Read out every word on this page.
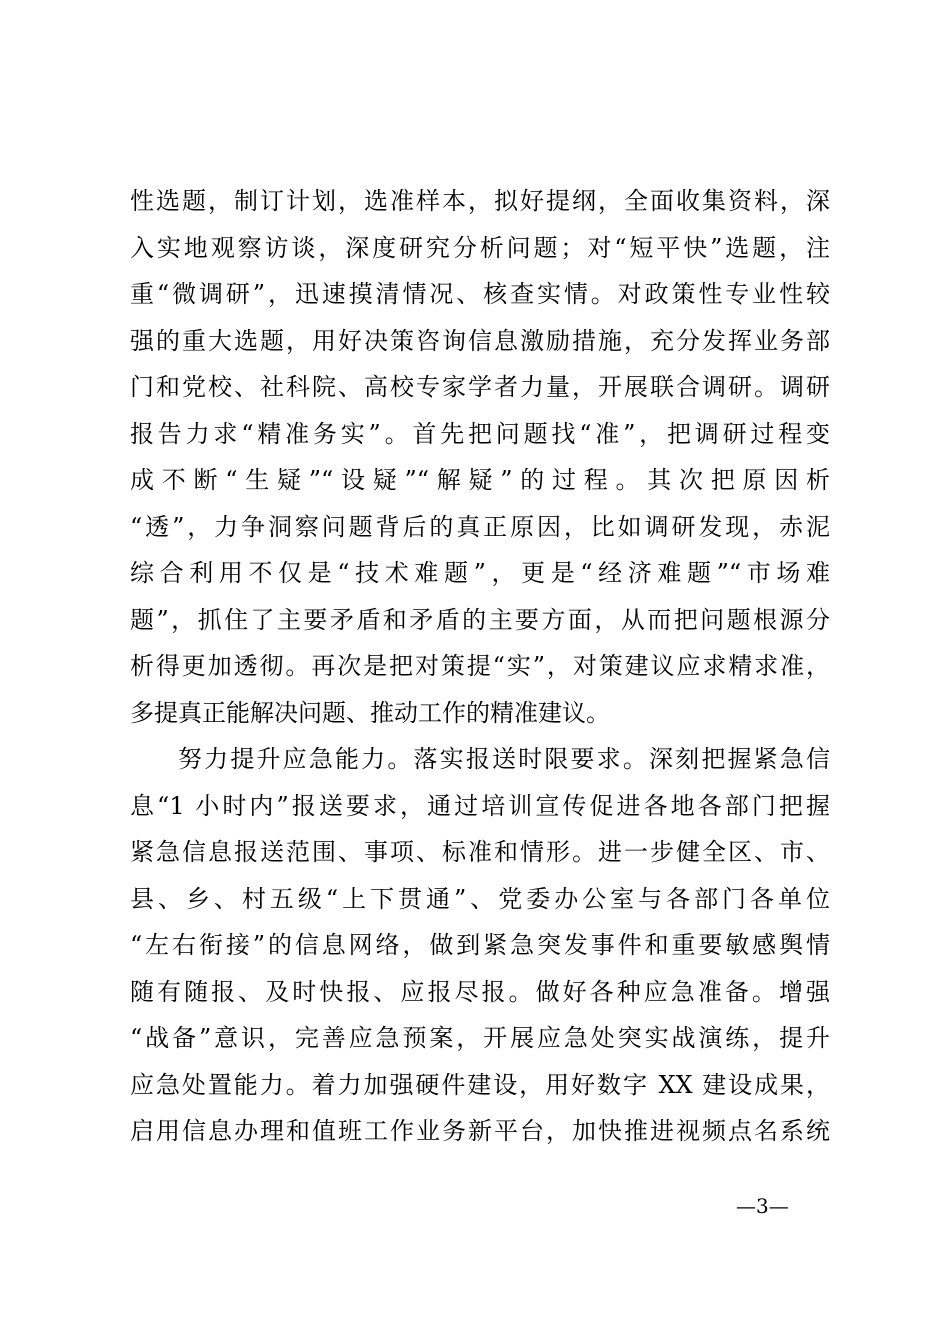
性选题，制订计划，选准样本，拟好提纲，全面收集资料，深
入实地观察访谈，深度研究分析问题；对“短平快”选题，注
重“微调研”，迅速摸清情况、核查实情。对政策性专业性较
强的重大选题，用好决策咨询信息激励措施，充分发挥业务部
门和党校、社科院、高校专家学者力量，开展联合调研。调研
报告力求“精准务实”。首先把问题找“准”，把调研过程变
成不断“生疑”“设疑”“解疑”的过程。其次把原因析
“透”，力争洞察问题背后的真正原因，比如调研发现，赤泥
综合利用不仅是“技术难题”，更是“经济难题”“市场难
题”，抓住了主要矛盾和矛盾的主要方面，从而把问题根源分
析得更加透彻。再次是把对策提“实”，对策建议应求精求准，
多提真正能解决问题、推动工作的精准建议。
努力提升应急能力。落实报送时限要求。深刻把握紧急信
息“1 小时内”报送要求，通过培训宣传促进各地各部门把握
紧急信息报送范围、事项、标准和情形。进一步健全区、市、
县、乡、村五级“上下贯通”、党委办公室与各部门各单位
“左右衔接”的信息网络，做到紧急突发事件和重要敏感舆情
随有随报、及时快报、应报尽报。做好各种应急准备。增强
“战备”意识，完善应急预案，开展应急处突实战演练，提升
应急处置能力。着力加强硬件建设，用好数字 XX 建设成果，
启用信息办理和值班工作业务新平台，加快推进视频点名系统
—3—
